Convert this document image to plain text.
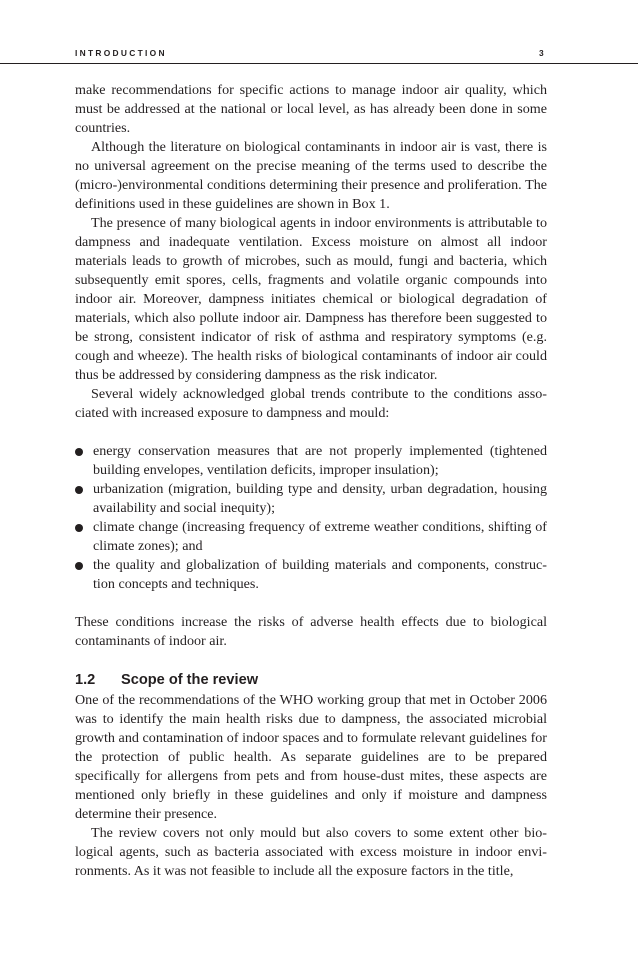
INTRODUCTION	3

make recommendations for specific actions to manage indoor air quality, which must be addressed at the national or local level, as has already been done in some countries.

Although the literature on biological contaminants in indoor air is vast, there is no universal agreement on the precise meaning of the terms used to describe the (micro-)environmental conditions determining their presence and proliferation. The definitions used in these guidelines are shown in Box 1.

The presence of many biological agents in indoor environments is attributable to dampness and inadequate ventilation. Excess moisture on almost all indoor materials leads to growth of microbes, such as mould, fungi and bacteria, which subsequently emit spores, cells, fragments and volatile organic compounds into indoor air. Moreover, dampness initiates chemical or biological degradation of materials, which also pollute indoor air. Dampness has therefore been suggested to be strong, consistent indicator of risk of asthma and respiratory symptoms (e.g. cough and wheeze). The health risks of biological contaminants of indoor air could thus be addressed by considering dampness as the risk indicator.

Several widely acknowledged global trends contribute to the conditions associated with increased exposure to dampness and mould:

energy conservation measures that are not properly implemented (tightened building envelopes, ventilation deficits, improper insulation);
urbanization (migration, building type and density, urban degradation, housing availability and social inequity);
climate change (increasing frequency of extreme weather conditions, shifting of climate zones); and
the quality and globalization of building materials and components, construction concepts and techniques.

These conditions increase the risks of adverse health effects due to biological contaminants of indoor air.

1.2 Scope of the review

One of the recommendations of the WHO working group that met in October 2006 was to identify the main health risks due to dampness, the associated microbial growth and contamination of indoor spaces and to formulate relevant guidelines for the protection of public health. As separate guidelines are to be prepared specifically for allergens from pets and from house-dust mites, these aspects are mentioned only briefly in these guidelines and only if moisture and dampness determine their presence.

The review covers not only mould but also covers to some extent other biological agents, such as bacteria associated with excess moisture in indoor environments. As it was not feasible to include all the exposure factors in the title,
